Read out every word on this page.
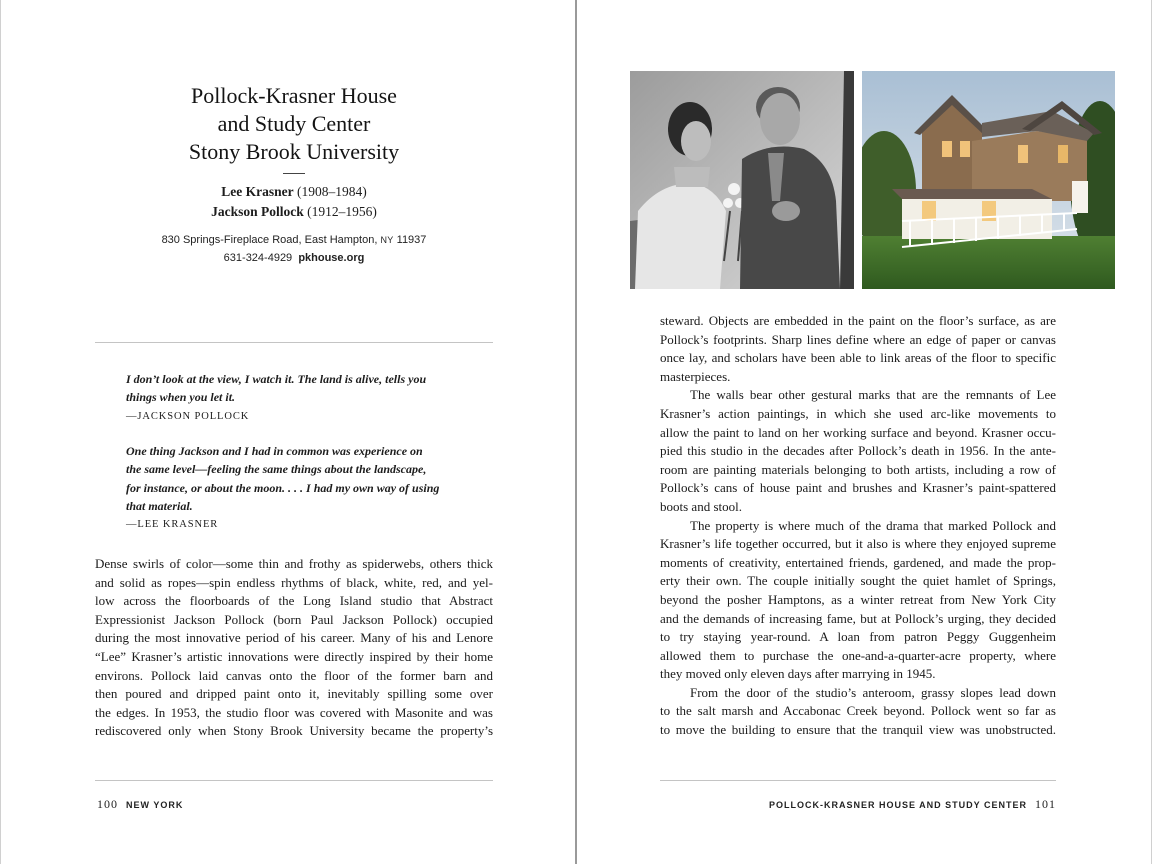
Pollock-Krasner House
and Study Center
Stony Brook University
Lee Krasner (1908–1984)
Jackson Pollock (1912–1956)
830 Springs-Fireplace Road, East Hampton, NY 11937
631-324-4929 pkhouse.org
I don’t look at the view, I watch it. The land is alive, tells you
things when you let it.
—JACKSON POLLOCK
One thing Jackson and I had in common was experience on
the same level—feeling the same things about the landscape,
for instance, or about the moon. . . . I had my own way of using
that material.
—LEE KRASNER
Dense swirls of color—some thin and frothy as spiderwebs, others thick
and solid as ropes—spin endless rhythms of black, white, red, and yel-
low across the floorboards of the Long Island studio that Abstract
Expressionist Jackson Pollock (born Paul Jackson Pollock) occupied
during the most innovative period of his career. Many of his and Lenore
“Lee” Krasner’s artistic innovations were directly inspired by their home
environs. Pollock laid canvas onto the floor of the former barn and
then poured and dripped paint onto it, inevitably spilling some over
the edges. In 1953, the studio floor was covered with Masonite and was
rediscovered only when Stony Brook University became the property’s
100 NEW YORK
steward. Objects are embedded in the paint on the floor’s surface, as are
Pollock’s footprints. Sharp lines define where an edge of paper or canvas
once lay, and scholars have been able to link areas of the floor to specific
masterpieces.
The walls bear other gestural marks that are the remnants of Lee
Krasner’s action paintings, in which she used arc-like movements to
allow the paint to land on her working surface and beyond. Krasner occu-
pied this studio in the decades after Pollock’s death in 1956. In the ante-
room are painting materials belonging to both artists, including a row of
Pollock’s cans of house paint and brushes and Krasner’s paint-spattered
boots and stool.
The property is where much of the drama that marked Pollock and
Krasner’s life together occurred, but it also is where they enjoyed supreme
moments of creativity, entertained friends, gardened, and made the prop-
erty their own. The couple initially sought the quiet hamlet of Springs,
beyond the posher Hamptons, as a winter retreat from New York City
and the demands of increasing fame, but at Pollock’s urging, they decided
to try staying year-round. A loan from patron Peggy Guggenheim
allowed them to purchase the one-and-a-quarter-acre property, where
they moved only eleven days after marrying in 1945.
From the door of the studio’s anteroom, grassy slopes lead down
to the salt marsh and Accabonac Creek beyond. Pollock went so far as
to move the building to ensure that the tranquil view was unobstructed.
POLLOCK-KRASNER HOUSE AND STUDY CENTER 101
